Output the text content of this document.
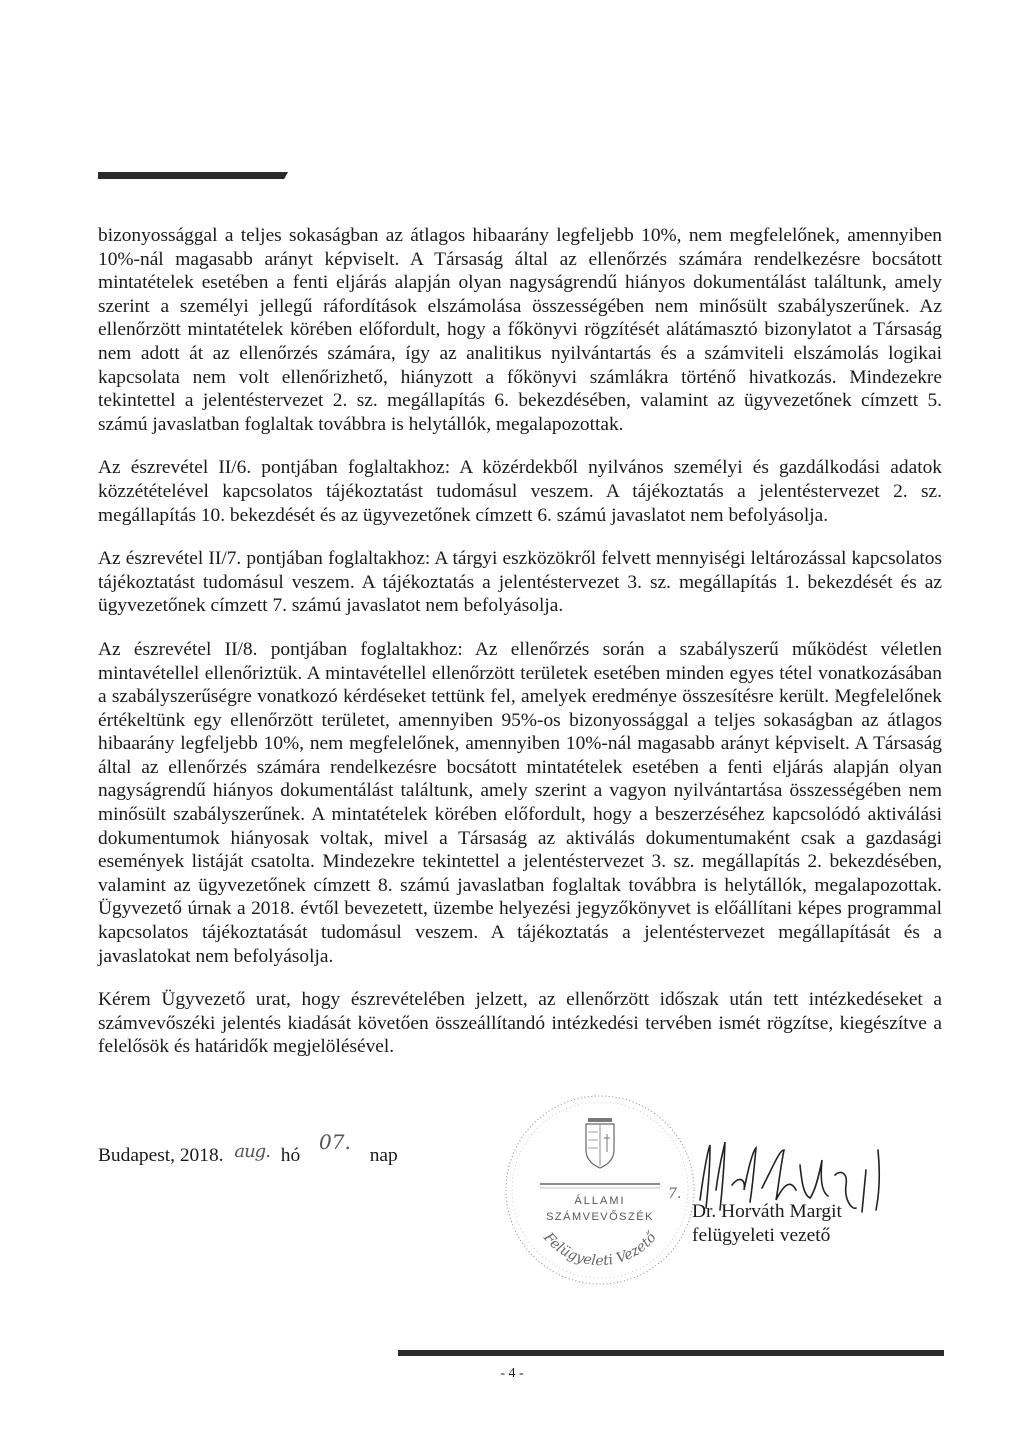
bizonyossággal a teljes sokaságban az átlagos hibaarány legfeljebb 10%, nem megfelelőnek, amennyiben 10%-nál magasabb arányt képviselt. A Társaság által az ellenőrzés számára rendelkezésre bocsátott mintatételek esetében a fenti eljárás alapján olyan nagyságrendű hiányos dokumentálást találtunk, amely szerint a személyi jellegű ráfordítások elszámolása összességében nem minősült szabályszerűnek. Az ellenőrzött mintatételek körében előfordult, hogy a főkönyvi rögzítését alátámasztó bizonylatot a Társaság nem adott át az ellenőrzés számára, így az analitikus nyilvántartás és a számviteli elszámolás logikai kapcsolata nem volt ellenőrizhető, hiányzott a főkönyvi számlákra történő hivatkozás. Mindezekre tekintettel a jelentéstervezet 2. sz. megállapítás 6. bekezdésében, valamint az ügyvezetőnek címzett 5. számú javaslatban foglaltak továbbra is helytállók, megalapozottak.

Az észrevétel II/6. pontjában foglaltakhoz: A közérdekből nyilvános személyi és gazdálkodási adatok közzétételével kapcsolatos tájékoztatást tudomásul veszem. A tájékoztatás a jelentéstervezet 2. sz. megállapítás 10. bekezdését és az ügyvezetőnek címzett 6. számú javaslatot nem befolyásolja.

Az észrevétel II/7. pontjában foglaltakhoz: A tárgyi eszközökről felvett mennyiségi leltározással kapcsolatos tájékoztatást tudomásul veszem. A tájékoztatás a jelentéstervezet 3. sz. megállapítás 1. bekezdését és az ügyvezetőnek címzett 7. számú javaslatot nem befolyásolja.

Az észrevétel II/8. pontjában foglaltakhoz: Az ellenőrzés során a szabályszerű működést véletlen mintavétellel ellenőriztük. A mintavétellel ellenőrzött területek esetében minden egyes tétel vonatkozásában a szabályszerűségre vonatkozó kérdéseket tettünk fel, amelyek eredménye összesítésre került. Megfelelőnek értékeltünk egy ellenőrzött területet, amennyiben 95%-os bizonyossággal a teljes sokaságban az átlagos hibaarány legfeljebb 10%, nem megfelelőnek, amennyiben 10%-nál magasabb arányt képviselt. A Társaság által az ellenőrzés számára rendelkezésre bocsátott mintatételek esetében a fenti eljárás alapján olyan nagyságrendű hiányos dokumentálást találtunk, amely szerint a vagyon nyilvántartása összességében nem minősült szabályszerűnek. A mintatételek körében előfordult, hogy a beszerzéséhez kapcsolódó aktiválási dokumentumok hiányosak voltak, mivel a Társaság az aktiválás dokumentumaként csak a gazdasági események listáját csatolta. Mindezekre tekintettel a jelentéstervezet 3. sz. megállapítás 2. bekezdésében, valamint az ügyvezetőnek címzett 8. számú javaslatban foglaltak továbbra is helytállók, megalapozottak. Ügyvezető úrnak a 2018. évtől bevezetett, üzembe helyezési jegyzőkönyvet is előállítani képes programmal kapcsolatos tájékoztatását tudomásul veszem. A tájékoztatás a jelentéstervezet megállapítását és a javaslatokat nem befolyásolja.

Kérem Ügyvezető urat, hogy észrevételében jelzett, az ellenőrzött időszak után tett intézkedéseket a számvevőszéki jelentés kiadását követően összeállítandó intézkedési tervében ismét rögzítse, kiegészítve a felelősök és határidők megjelölésével.

Budapest, 2018. aug. hó 07. nap
ÁLLAMI
SZÁMVEVŐSZÉK
Felügyeleti Vezető
7.
Dr. Horváth Margit
felügyeleti vezető
- 4 -
